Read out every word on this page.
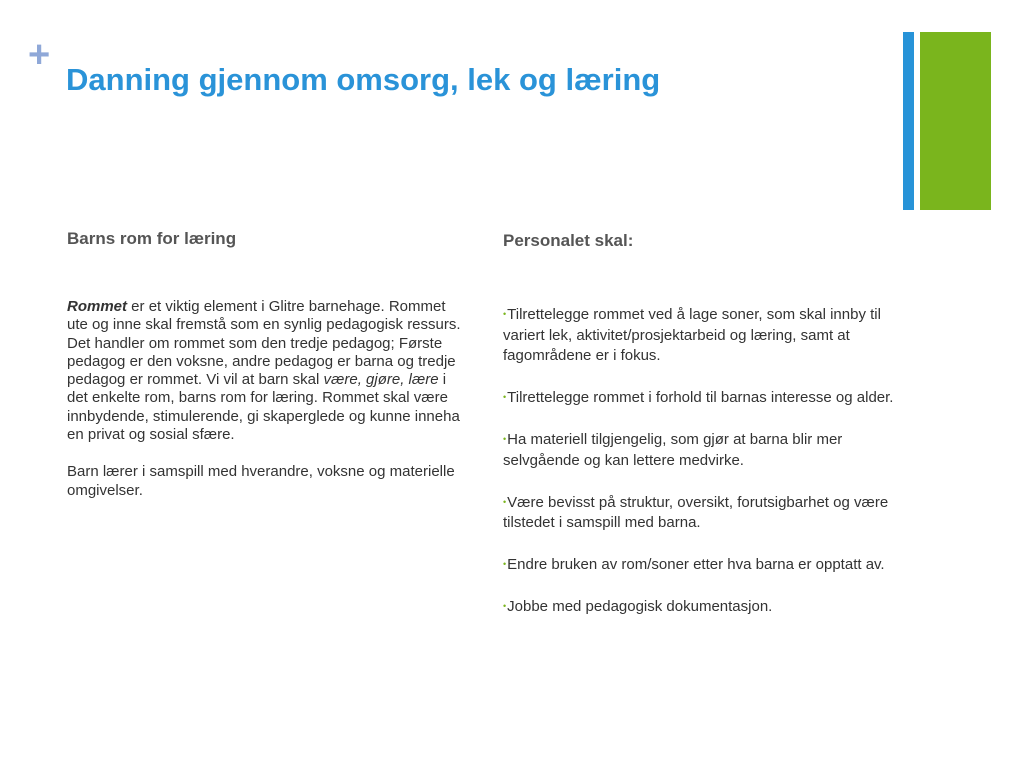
+
Danning gjennom omsorg, lek og læring
Barns rom for læring

Rommet er et viktig element i Glitre barnehage. Rommet ute og inne skal fremstå som en synlig pedagogisk ressurs.

Det handler om rommet som den tredje pedagog; Første pedagog er den voksne, andre pedagog er barna og tredje pedagog er rommet. Vi vil at barn skal være, gjøre, lære i det enkelte rom, barns rom for læring. Rommet skal være innbydende, stimulerende, gi skaperglede og kunne inneha en privat og sosial sfære.

Barn lærer i samspill med hverandre, voksne og materielle omgivelser.

Personalet skal:
•Tilrettelegge rommet ved å lage soner, som skal innby til variert lek, aktivitet/prosjektarbeid og læring, samt at fagområdene er i fokus.
•Tilrettelegge rommet i forhold til barnas interesse og alder.
•Ha materiell tilgjengelig, som gjør at barna blir mer selvgående og kan lettere medvirke.
•Være bevisst på struktur, oversikt, forutsigbarhet og være tilstedet i samspill med barna.
•Endre bruken av rom/soner etter hva barna er opptatt av.
•Jobbe med pedagogisk dokumentasjon.
